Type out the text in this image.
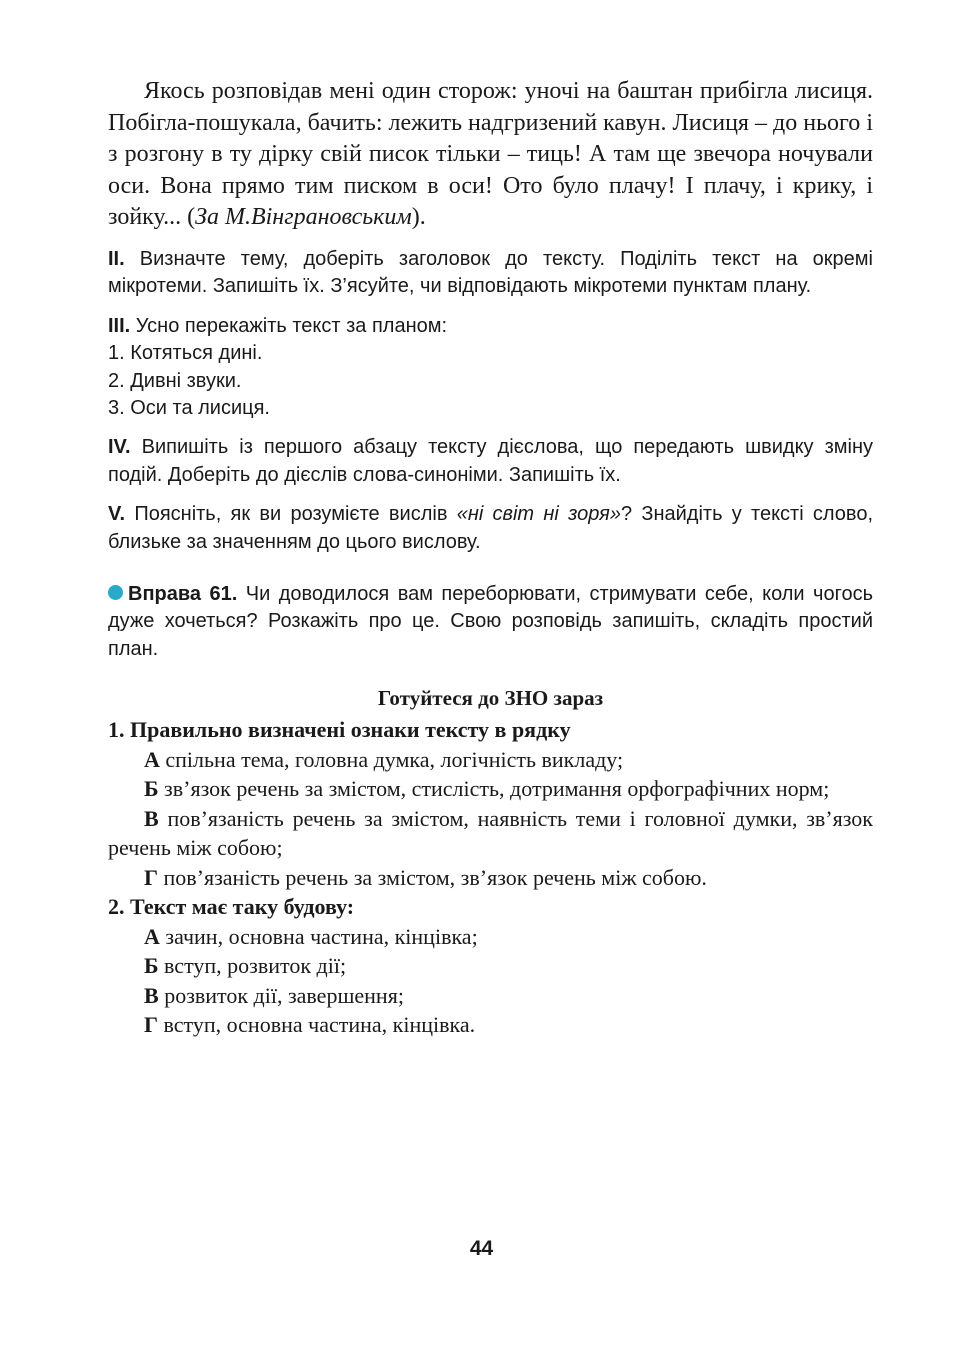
Якось розповідав мені один сторож: уночі на баштан прибігла лисиця. Побігла-пошукала, бачить: лежить надгризений кавун. Лисиця – до нього і з розгону в ту дірку свій писок тільки – тиць! А там ще звечора ночували оси. Вона прямо тим писком в оси! Ото було плачу! І плачу, і крику, і зойку... (За М.Вінграновським).

II. Визначте тему, доберіть заголовок до тексту. Поділіть текст на окремі мікротеми. Запишіть їх. З’ясуйте, чи відповідають мікротеми пунктам плану.

III. Усно перекажіть текст за планом:

1. Котяться дині.
2. Дивні звуки.
3. Оси та лисиця.

IV. Випишіть із першого абзацу тексту дієслова, що передають швидку зміну подій. Доберіть до дієслів слова-синоніми. Запишіть їх.

V. Поясніть, як ви розумієте вислів «ні світ ні зоря»? Знайдіть у тексті слово, близьке за значенням до цього вислову.

Вправа 61. Чи доводилося вам переборювати, стримувати себе, коли чогось дуже хочеться? Розкажіть про це. Свою розповідь запишіть, складіть простий план.

Готуйтеся до ЗНО зараз

1. Правильно визначені ознаки тексту в рядку

А спільна тема, головна думка, логічність викладу;

Б зв’язок речень за змістом, стислість, дотримання орфографічних норм;

В пов’язаність речень за змістом, наявність теми і головної думки, зв’язок речень між собою;

Г пов’язаність речень за змістом, зв’язок речень між собою.

2. Текст має таку будову:

А зачин, основна частина, кінцівка;

Б вступ, розвиток дії;

В розвиток дії, завершення;

Г вступ, основна частина, кінцівка.

44
